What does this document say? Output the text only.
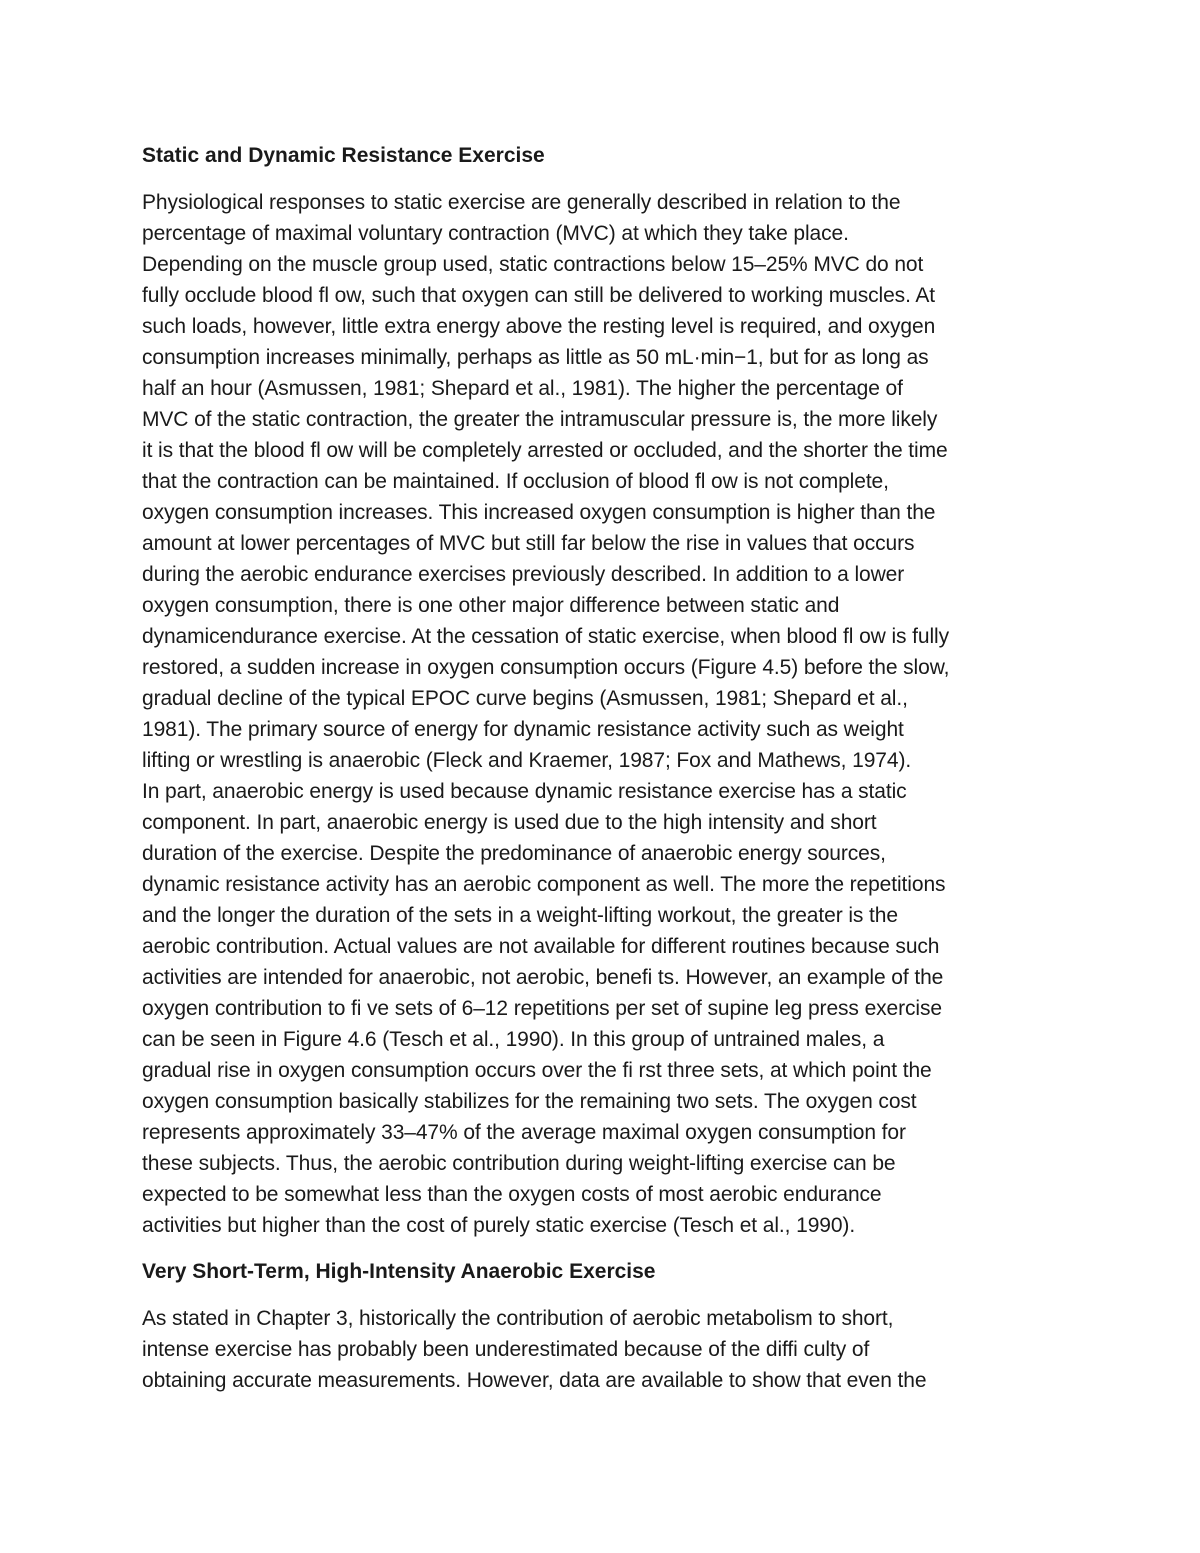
Static and Dynamic Resistance Exercise
Physiological responses to static exercise are generally described in relation to the
percentage of maximal voluntary contraction (MVC) at which they take place.
Depending on the muscle group used, static contractions below 15–25% MVC do not
fully occlude blood fl ow, such that oxygen can still be delivered to working muscles. At
such loads, however, little extra energy above the resting level is required, and oxygen
consumption increases minimally, perhaps as little as 50 mL·min−1, but for as long as
half an hour (Asmussen, 1981; Shepard et al., 1981). The higher the percentage of
MVC of the static contraction, the greater the intramuscular pressure is, the more likely
it is that the blood fl ow will be completely arrested or occluded, and the shorter the time
that the contraction can be maintained. If occlusion of blood fl ow is not complete,
oxygen consumption increases. This increased oxygen consumption is higher than the
amount at lower percentages of MVC but still far below the rise in values that occurs
during the aerobic endurance exercises previously described. In addition to a lower
oxygen consumption, there is one other major difference between static and
dynamicendurance exercise. At the cessation of static exercise, when blood fl ow is fully
restored, a sudden increase in oxygen consumption occurs (Figure 4.5) before the slow,
gradual decline of the typical EPOC curve begins (Asmussen, 1981; Shepard et al.,
1981). The primary source of energy for dynamic resistance activity such as weight
lifting or wrestling is anaerobic (Fleck and Kraemer, 1987; Fox and Mathews, 1974).
In part, anaerobic energy is used because dynamic resistance exercise has a static
component. In part, anaerobic energy is used due to the high intensity and short
duration of the exercise. Despite the predominance of anaerobic energy sources,
dynamic resistance activity has an aerobic component as well. The more the repetitions
and the longer the duration of the sets in a weight-lifting workout, the greater is the
aerobic contribution. Actual values are not available for different routines because such
activities are intended for anaerobic, not aerobic, benefi ts. However, an example of the
oxygen contribution to fi ve sets of 6–12 repetitions per set of supine leg press exercise
can be seen in Figure 4.6 (Tesch et al., 1990). In this group of untrained males, a
gradual rise in oxygen consumption occurs over the fi rst three sets, at which point the
oxygen consumption basically stabilizes for the remaining two sets. The oxygen cost
represents approximately 33–47% of the average maximal oxygen consumption for
these subjects. Thus, the aerobic contribution during weight-lifting exercise can be
expected to be somewhat less than the oxygen costs of most aerobic endurance
activities but higher than the cost of purely static exercise (Tesch et al., 1990).
Very Short-Term, High-Intensity Anaerobic Exercise
As stated in Chapter 3, historically the contribution of aerobic metabolism to short,
intense exercise has probably been underestimated because of the diffi culty of
obtaining accurate measurements. However, data are available to show that even the
